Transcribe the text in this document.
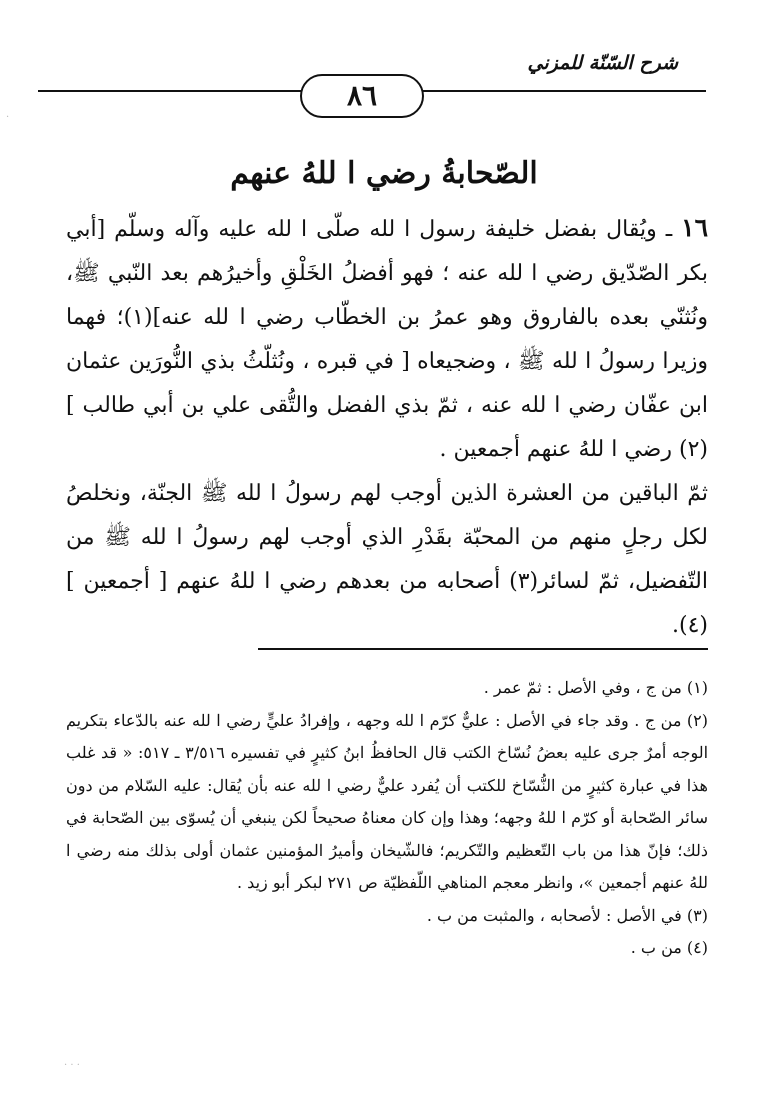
شرح السّنّة للمزني
٨٦
الصّحابةُ رضي ا للهُ عنهم

١٦ ـ ويُقال بفضل خليفة رسول ا لله صلّى ا لله عليه وآله وسلّم [أبي بكر الصّدّيق رضي ا لله عنه ؛ فهو أفضلُ الخَلْقِ وأخيرُهم بعد النّبي ﷺ، ونُثنّي بعده بالفاروق وهو عمرُ بن الخطّاب رضي ا لله عنه](١)؛ فهما وزيرا رسولُ ا لله ﷺ ، وضجيعاه [ في قبره ، ونُثلّثُ بذي النُّورَين عثمان ابن عفّان رضي ا لله عنه ، ثمّ بذي الفضل والتُّقى علي بن أبي طالب ](٢) رضي ا للهُ عنهم أجمعين .

ثمّ الباقين من العشرة الذين أوجب لهم رسولُ ا لله ﷺ الجنّة، ونخلصُ لكل رجلٍ منهم من المحبّة بقَدْرِ الذي أوجب لهم رسولُ ا لله ﷺ من التّفضيل، ثمّ لسائر(٣) أصحابه من بعدهم رضي ا للهُ عنهم [ أجمعين ](٤).

(١) من ج ، وفي الأصل : ثمّ عمر .

(٢) من ج . وقد جاء في الأصل : عليٌّ كرّم ا لله وجهه ، وإفرادُ عليٍّ رضي ا لله عنه بالدّعاء بتكريم الوجه أمرٌ جرى عليه بعضُ نُسّاخ الكتب قال الحافظُ ابنُ كثيرٍ في تفسيره ٣/٥١٦ ـ ٥١٧: « قد غلب هذا في عبارة كثيرٍ من النُّسّاخ للكتب أن يُفرد عليٌّ رضي ا لله عنه بأن يُقال: عليه السّلام من دون سائر الصّحابة أو كرّم ا للهُ وجهه؛ وهذا وإن كان معناهُ صحيحاً لكن ينبغي أن يُسوّى بين الصّحابة في ذلك؛ فإنّ هذا من باب التّعظيم والتّكريم؛ فالشّيخان وأميرُ المؤمنين عثمان أولى بذلك منه رضي ا للهُ عنهم أجمعين »، وانظر معجم المناهي اللّفظيّة ص ٢٧١ لبكر أبو زيد .

(٣) في الأصل : لأصحابه ، والمثبت من ب .

(٤) من ب .

·
· · ·
